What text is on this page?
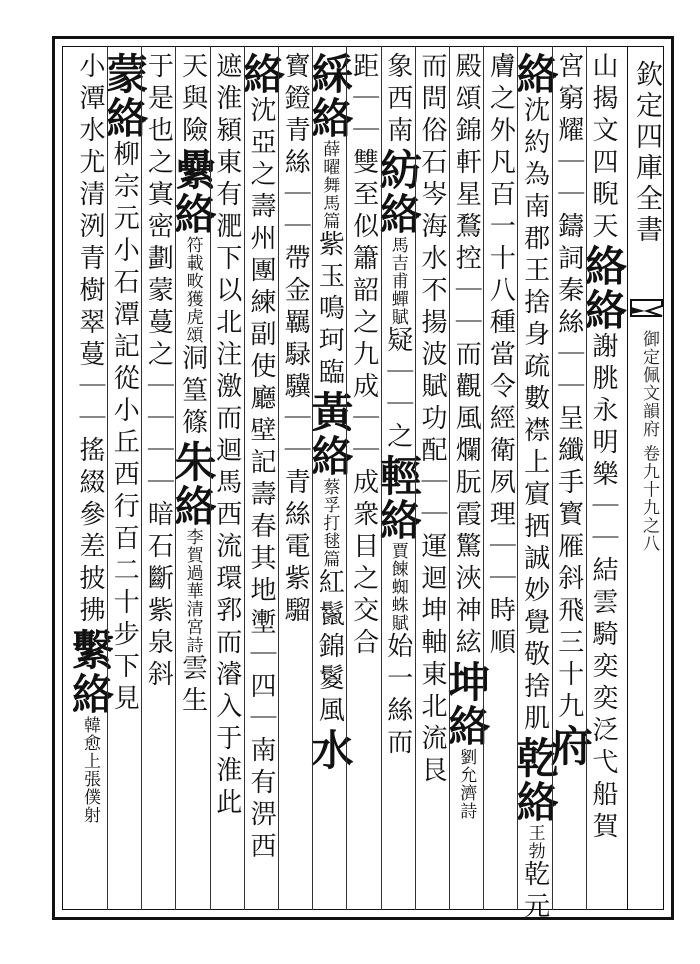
欽定四庫全書
御定佩文韻府 卷九十九之八
山揭文四睨天絡絡謝朓永明樂｜｜結雲騎奕奕泛弋船賀
宮窮耀｜｜鑄詞秦絲｜｜呈纖手寳雁斜飛三十九府
絡沈約為南郡王捨身疏數襟上賔拪誠妙覺敬捨肌乾絡王勃乾元
膚之外凡百一十八種當令經衛夙理｜｜時順
殿頌錦軒星鶩控｜｜而觀風爛朊霞驚浹神絃坤絡劉允濟詩
而問俗石岑海水不揚波賦功配｜｜運迴坤軸東北流艮
象西南紡絡馬吉甫蟬賦疑｜｜之輕絡賈餗蜘蛛賦始一絲而
距｜｜雙至似簫韶之九成｜｜成衆目之交合
綵絡薛曜舞馬篇紫玉鳴珂臨黃絡蔡孚打毬篇紅鬣錦鬉風水
寳鐙青絲｜｜帶金羈騄驥｜｜青絲電紫騮
絡沈亞之壽州團練副使廳壁記壽春其地壍｜四｜南有淠西
遮淮潁東有淝下以北注激而迴馬西流環郛而濬入于淮此
天與險纍絡符載畋獲虎頌洞篁篠朱絡李賀過華清宮詩雲生
于是也之寘密劃蒙蔓之｜｜｜｜暗石斷紫泉斜
蒙絡柳宗元小石潭記從小丘西行百二十步下見
小潭水尤清洌青樹翠蔓｜｜搖綴參差披拂繫絡韓愈上張僕射
